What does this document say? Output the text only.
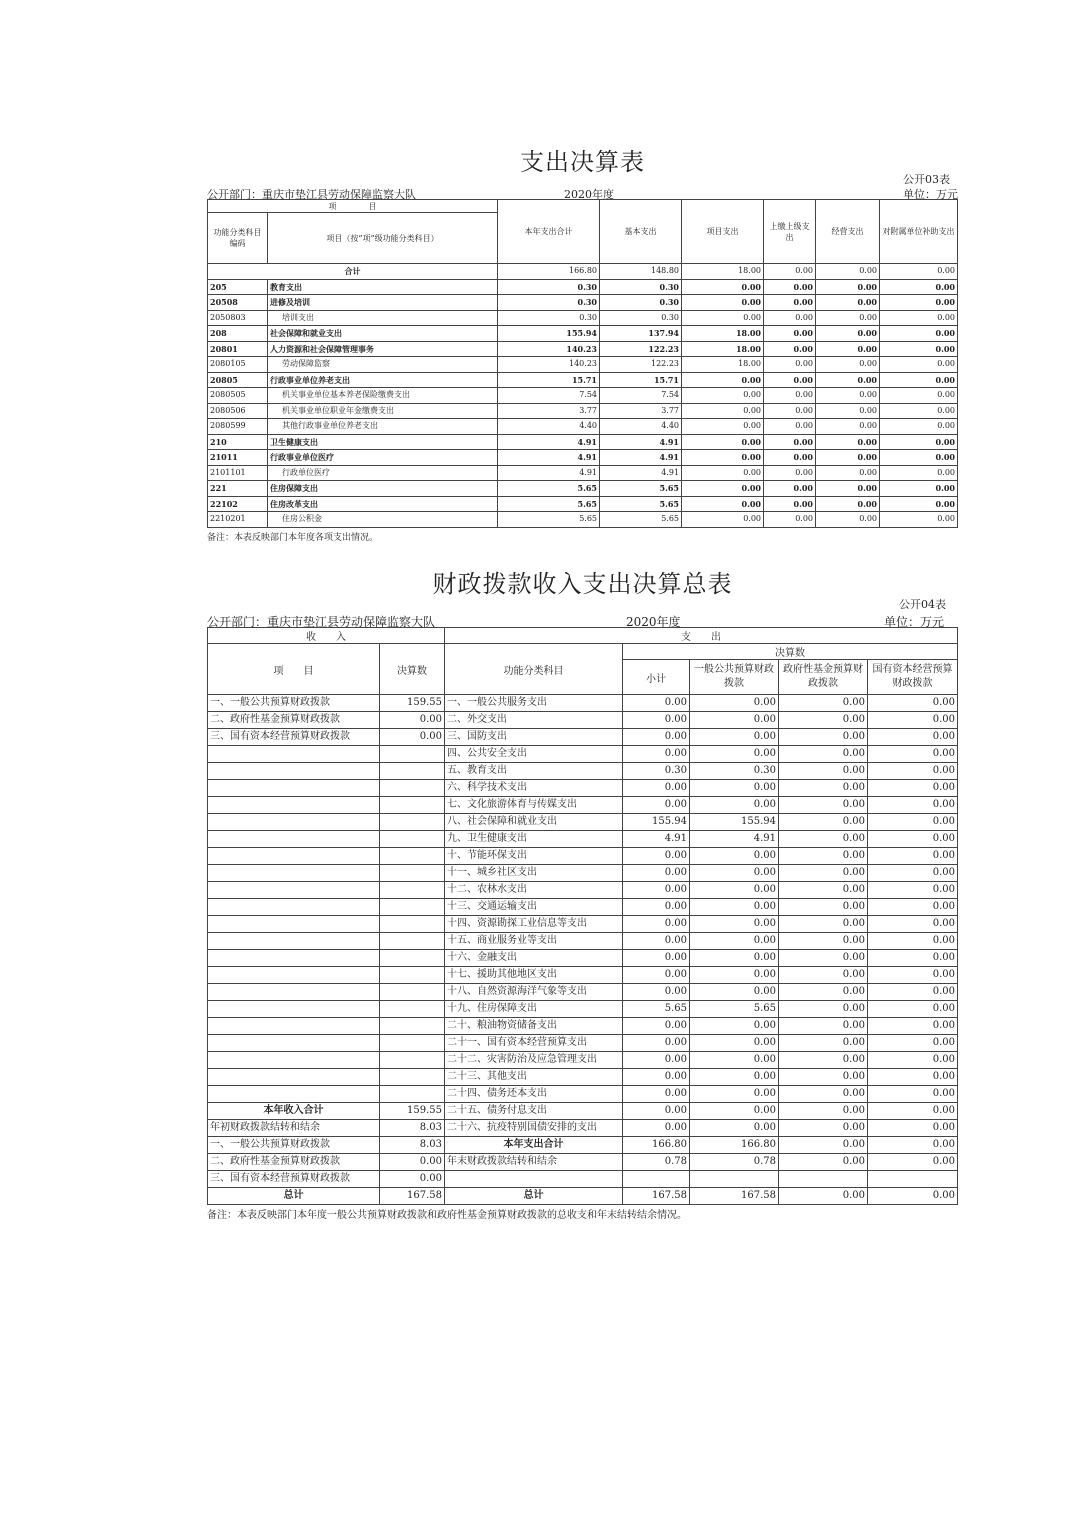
支出决算表
公开03表
公开部门：重庆市垫江县劳动保障监察大队	2020年度	单位：万元
项　　　　目		本年支出合计	基本支出	项目支出	上缴上级支出	经营支出	对附属单位补助支出
功能分类科目编码	项目（按“项”级功能分类科目）						
合计		166.80	148.80	18.00	0.00	0.00	0.00
205	教育支出	0.30	0.30	0.00	0.00	0.00	0.00
20508	进修及培训	0.30	0.30	0.00	0.00	0.00	0.00
2050803	培训支出	0.30	0.30	0.00	0.00	0.00	0.00
208	社会保障和就业支出	155.94	137.94	18.00	0.00	0.00	0.00
20801	人力资源和社会保障管理事务	140.23	122.23	18.00	0.00	0.00	0.00
2080105	劳动保障监察	140.23	122.23	18.00	0.00	0.00	0.00
20805	行政事业单位养老支出	15.71	15.71	0.00	0.00	0.00	0.00
2080505	机关事业单位基本养老保险缴费支出	7.54	7.54	0.00	0.00	0.00	0.00
2080506	机关事业单位职业年金缴费支出	3.77	3.77	0.00	0.00	0.00	0.00
2080599	其他行政事业单位养老支出	4.40	4.40	0.00	0.00	0.00	0.00
210	卫生健康支出	4.91	4.91	0.00	0.00	0.00	0.00
21011	行政事业单位医疗	4.91	4.91	0.00	0.00	0.00	0.00
2101101	行政单位医疗	4.91	4.91	0.00	0.00	0.00	0.00
221	住房保障支出	5.65	5.65	0.00	0.00	0.00	0.00
22102	住房改革支出	5.65	5.65	0.00	0.00	0.00	0.00
2210201	住房公积金	5.65	5.65	0.00	0.00	0.00	0.00
备注：本表反映部门本年度各项支出情况。
财政拨款收入支出决算总表
公开04表
公开部门：重庆市垫江县劳动保障监察大队	2020年度	单位：万元
收　　入		支　　出				
项　　目	决算数	功能分类科目	决算数			
			小计	一般公共预算财政拨款	政府性基金预算财政拨款	国有资本经营预算财政拨款
一、一般公共预算财政拨款	159.55	一、一般公共服务支出	0.00	0.00	0.00	0.00
二、政府性基金预算财政拨款	0.00	二、外交支出	0.00	0.00	0.00	0.00
三、国有资本经营预算财政拨款	0.00	三、国防支出	0.00	0.00	0.00	0.00
		四、公共安全支出	0.00	0.00	0.00	0.00
		五、教育支出	0.30	0.30	0.00	0.00
		六、科学技术支出	0.00	0.00	0.00	0.00
		七、文化旅游体育与传媒支出	0.00	0.00	0.00	0.00
		八、社会保障和就业支出	155.94	155.94	0.00	0.00
		九、卫生健康支出	4.91	4.91	0.00	0.00
		十、节能环保支出	0.00	0.00	0.00	0.00
		十一、城乡社区支出	0.00	0.00	0.00	0.00
		十二、农林水支出	0.00	0.00	0.00	0.00
		十三、交通运输支出	0.00	0.00	0.00	0.00
		十四、资源勘探工业信息等支出	0.00	0.00	0.00	0.00
		十五、商业服务业等支出	0.00	0.00	0.00	0.00
		十六、金融支出	0.00	0.00	0.00	0.00
		十七、援助其他地区支出	0.00	0.00	0.00	0.00
		十八、自然资源海洋气象等支出	0.00	0.00	0.00	0.00
		十九、住房保障支出	5.65	5.65	0.00	0.00
		二十、粮油物资储备支出	0.00	0.00	0.00	0.00
		二十一、国有资本经营预算支出	0.00	0.00	0.00	0.00
		二十二、灾害防治及应急管理支出	0.00	0.00	0.00	0.00
		二十三、其他支出	0.00	0.00	0.00	0.00
		二十四、债务还本支出	0.00	0.00	0.00	0.00
本年收入合计	159.55	二十五、债务付息支出	0.00	0.00	0.00	0.00
年初财政拨款结转和结余	8.03	二十六、抗疫特别国债安排的支出	0.00	0.00	0.00	0.00
一、一般公共预算财政拨款	8.03	本年支出合计	166.80	166.80	0.00	0.00
二、政府性基金预算财政拨款	0.00	年末财政拨款结转和结余	0.78	0.78	0.00	0.00
三、国有资本经营预算财政拨款	0.00					
总计	167.58	总计	167.58	167.58	0.00	0.00
备注：本表反映部门本年度一般公共预算财政拨款和政府性基金预算财政拨款的总收支和年末结转结余情况。
